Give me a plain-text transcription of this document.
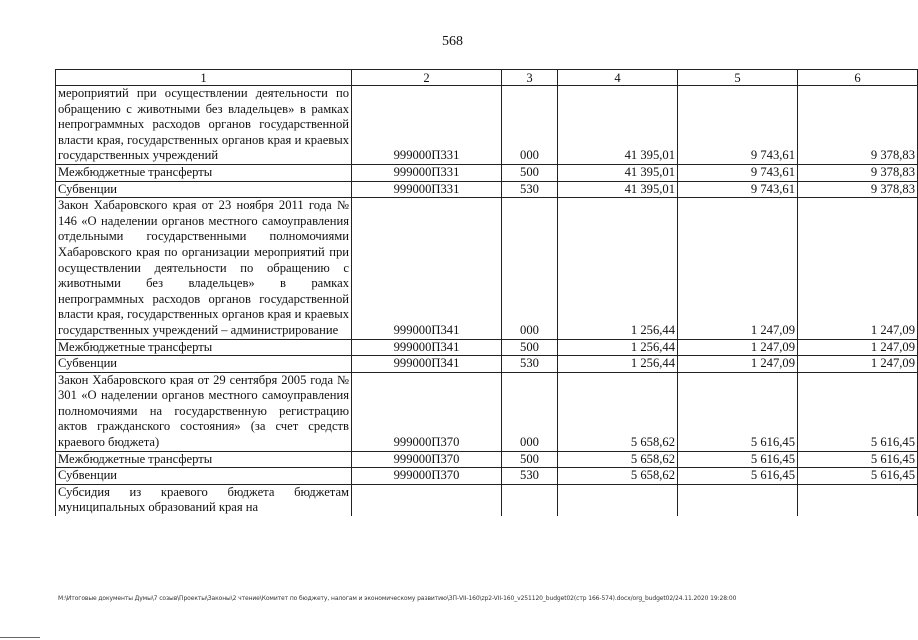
568
1	2	3	4	5	6
мероприятий при осуществлении деятельности по обращению с животными без владельцев» в рамках непрограммных расходов органов государственной власти края, государственных органов края и краевых государственных учреждений	999000П331	000	41 395,01	9 743,61	9 378,83
Межбюджетные трансферты	999000П331	500	41 395,01	9 743,61	9 378,83
Субвенции	999000П331	530	41 395,01	9 743,61	9 378,83
Закон Хабаровского края от 23 ноября 2011 года № 146 «О наделении органов местного самоуправления отдельными государственными полномочиями Хабаровского края по организации мероприятий при осуществлении деятельности по обращению с животными без владельцев» в рамках непрограммных расходов органов государственной власти края, государственных органов края и краевых государственных учреждений – администрирование	999000П341	000	1 256,44	1 247,09	1 247,09
Межбюджетные трансферты	999000П341	500	1 256,44	1 247,09	1 247,09
Субвенции	999000П341	530	1 256,44	1 247,09	1 247,09
Закон Хабаровского края от 29 сентября 2005 года № 301 «О наделении органов местного самоуправления полномочиями на государственную регистрацию актов гражданского состояния» (за счет средств краевого бюджета)	999000П370	000	5 658,62	5 616,45	5 616,45
Межбюджетные трансферты	999000П370	500	5 658,62	5 616,45	5 616,45
Субвенции	999000П370	530	5 658,62	5 616,45	5 616,45
Субсидия из краевого бюджета бюджетам муниципальных образований края на					
M:\Итоговые документы Думы\7 созыв\Проекты\Законы\2 чтение\Комитет по бюджету, налогам и экономическому развитию\ЗП-VII-160\zp2-VII-160_v251120_budget02(стр 166-574).docx/org_budget02/24.11.2020 19:28:00
